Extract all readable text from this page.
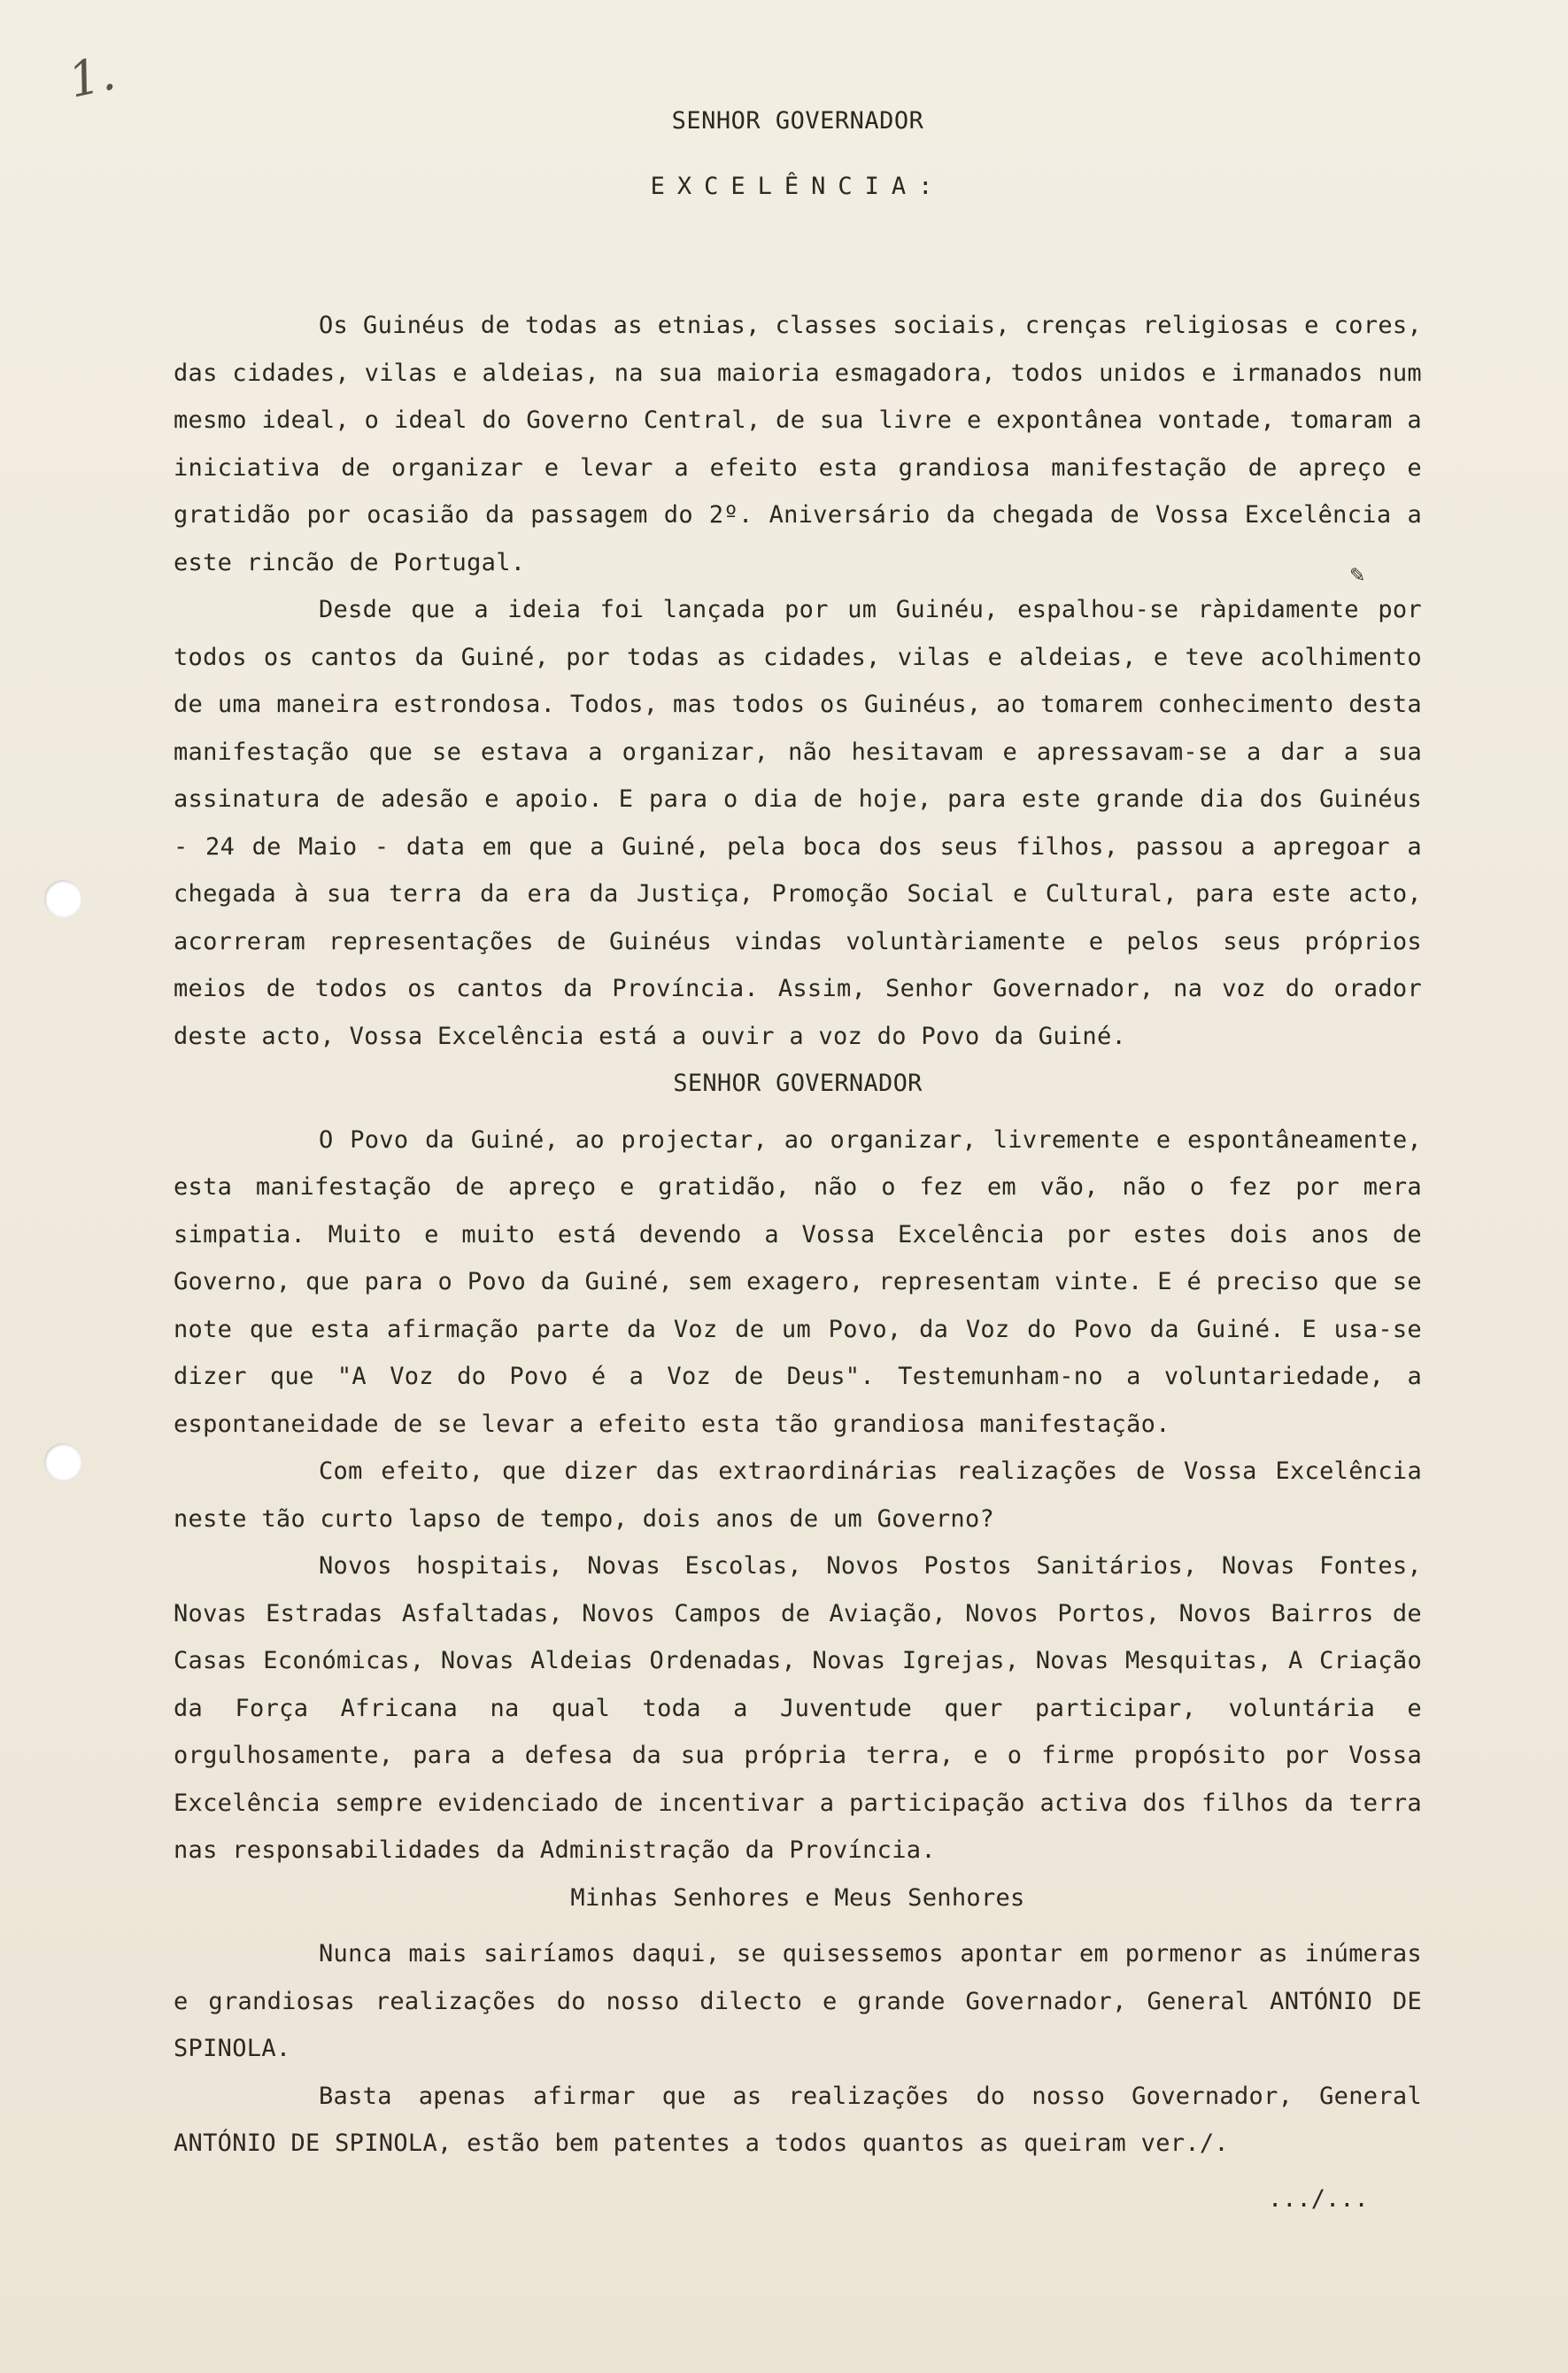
1.
SENHOR GOVERNADOR
EXCELÊNCIA:

Os Guinéus de todas as etnias, classes sociais, crenças religiosas e cores, das cidades, vilas e aldeias, na sua maioria esmagadora, todos unidos e irmanados num mesmo ideal, o ideal do Governo Central, de sua livre e expontânea vontade, tomaram a iniciativa de organizar e levar a efeito esta grandiosa manifestação de apreço e gratidão por ocasião da passagem do 2º. Aniversário da chegada de Vossa Excelência a este rincão de Portugal.

Desde que a ideia foi lançada por um Guinéu, espalhou-se ràpidamente por todos os cantos da Guiné, por todas as cidades, vilas e aldeias, e teve acolhimento de uma maneira estrondosa. Todos, mas todos os Guinéus, ao tomarem conhecimento desta manifestação que se estava a organizar, não hesitavam e apressavam-se a dar a sua assinatura de adesão e apoio. E para o dia de hoje, para este grande dia dos Guinéus - 24 de Maio - data em que a Guiné, pela boca dos seus filhos, passou a apregoar a chegada à sua terra da era da Justiça, Promoção Social e Cultural, para este acto, acorreram representações de Guinéus vindas voluntàriamente e pelos seus próprios meios de todos os cantos da Província. Assim, Senhor Governador, na voz do orador deste acto, Vossa Excelência está a ouvir a voz do Povo da Guiné.

SENHOR GOVERNADOR

O Povo da Guiné, ao projectar, ao organizar, livremente e espontâneamente, esta manifestação de apreço e gratidão, não o fez em vão, não o fez por mera simpatia. Muito e muito está devendo a Vossa Excelência por estes dois anos de Governo, que para o Povo da Guiné, sem exagero, representam vinte. E é preciso que se note que esta afirmação parte da Voz de um Povo, da Voz do Povo da Guiné. E usa-se dizer que "A Voz do Povo é a Voz de Deus". Testemunham-no a voluntariedade, a espontaneidade de se levar a efeito esta tão grandiosa manifestação.

Com efeito, que dizer das extraordinárias realizações de Vossa Excelência neste tão curto lapso de tempo, dois anos de um Governo?

Novos hospitais, Novas Escolas, Novos Postos Sanitários, Novas Fontes, Novas Estradas Asfaltadas, Novos Campos de Aviação, Novos Portos, Novos Bairros de Casas Económicas, Novas Aldeias Ordenadas, Novas Igrejas, Novas Mesquitas, A Criação da Força Africana na qual toda a Juventude quer participar, voluntária e orgulhosamente, para a defesa da sua própria terra, e o firme propósito por Vossa Excelência sempre evidenciado de incentivar a participação activa dos filhos da terra nas responsabilidades da Administração da Província.

Minhas Senhores e Meus Senhores

Nunca mais sairíamos daqui, se quisessemos apontar em pormenor as inúmeras e grandiosas realizações do nosso dilecto e grande Governador, General ANTÓNIO DE SPINOLA.

Basta apenas afirmar que as realizações do nosso Governador, General ANTÓNIO DE SPINOLA, estão bem patentes a todos quantos as queiram ver./.

✎
.../...
